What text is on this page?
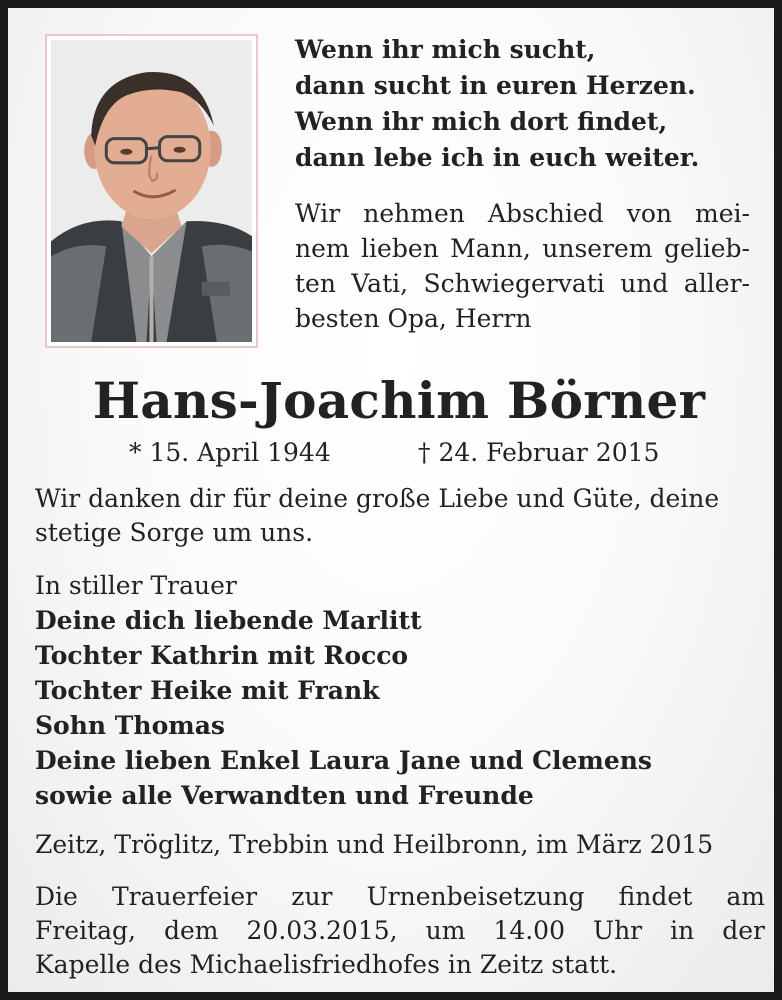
Wenn ihr mich sucht,
dann sucht in euren Herzen.
Wenn ihr mich dort findet,
dann lebe ich in euch weiter.
Wir nehmen Abschied von mei-
nem lieben Mann, unserem gelieb-
ten Vati, Schwiegervati und aller-
besten Opa, Herrn
Hans-Joachim Börner
* 15. April 1944	† 24. Februar 2015
Wir danken dir für deine große Liebe und Güte, deine
stetige Sorge um uns.
In stiller Trauer
Deine dich liebende Marlitt
Tochter Kathrin mit Rocco
Tochter Heike mit Frank
Sohn Thomas
Deine lieben Enkel Laura Jane und Clemens
sowie alle Verwandten und Freunde
Zeitz, Tröglitz, Trebbin und Heilbronn, im März 2015
Die Trauerfeier zur Urnenbeisetzung findet am
Freitag, dem 20.03.2015, um 14.00 Uhr in der
Kapelle des Michaelisfriedhofes in Zeitz statt.
